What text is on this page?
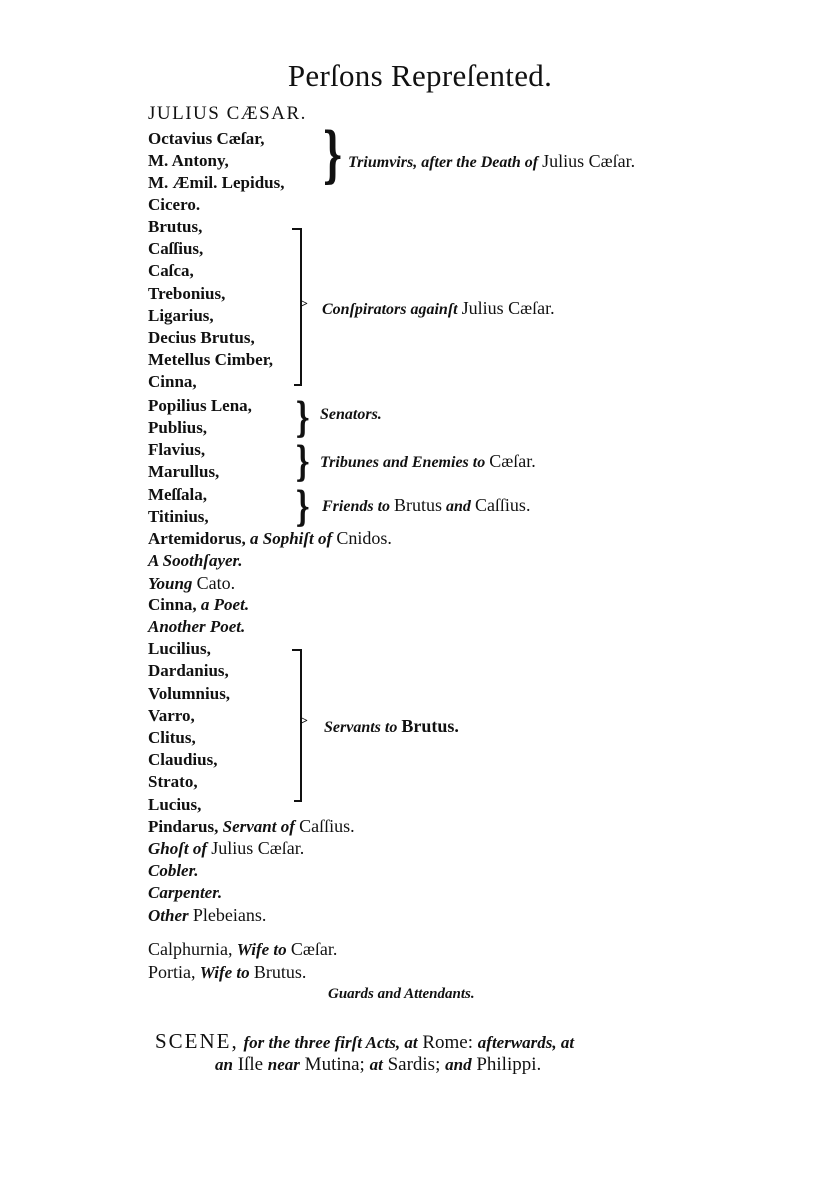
Perſons Repreſented.
JULIUS CÆSAR.
Octavius Cæſar,
M. Antony,
M. Æmil. Lepidus, } Triumvirs, after the Death of Julius Cæſar.
Cicero.
Brutus,
Caſſius,
Caſca,
Trebonius,
Ligarius,
Decius Brutus,
Metellus Cimber,
Cinna,
> Conſpirators againſt Julius Cæſar.
Popilius Lena,
Publius, } Senators.
Flavius,
Marullus, } Tribunes and Enemies to Cæſar.
Meſſala,
Titinius, } Friends to Brutus and Caſſius.
Artemidorus, a Sophiſt of Cnidos.
A Soothſayer.
Young Cato.
Cinna, a Poet.
Another Poet.
Lucilius,
Dardanius,
Volumnius,
Varro,
Clitus,
Claudius,
Strato,
Lucius,
> Servants to Brutus.
Pindarus, Servant of Caſſius.
Ghoſt of Julius Cæſar.
Cobler.
Carpenter.
Other Plebeians.
Calphurnia, Wife to Cæſar.
Portia, Wife to Brutus.
Guards and Attendants.
SCENE, for the three firſt Acts, at Rome: afterwards, at
an Iſle near Mutina; at Sardis; and Philippi.
